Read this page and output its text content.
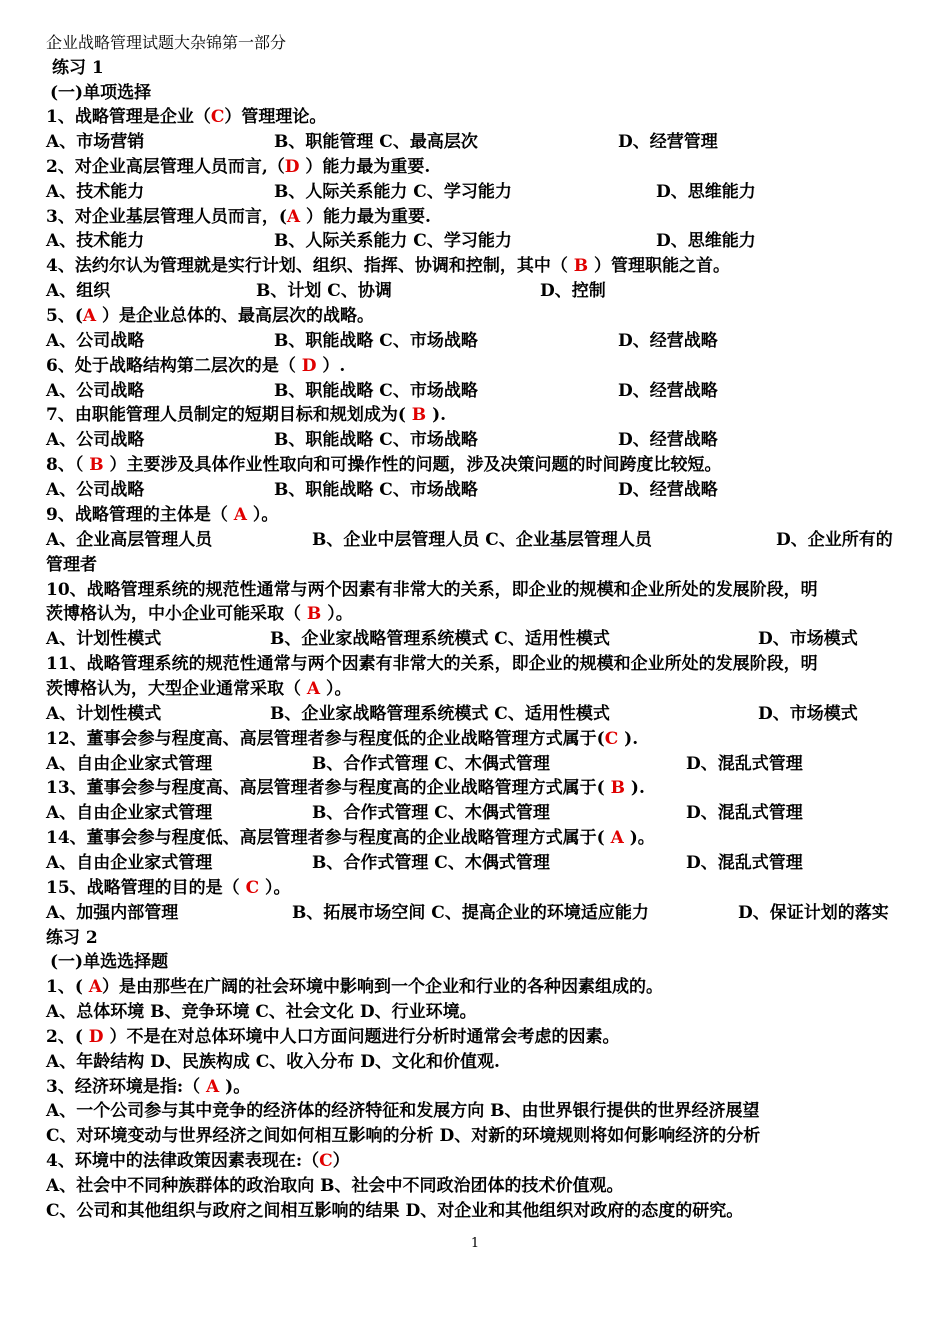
企业战略管理试题大杂锦第一部分
练习 1
(一)单项选择
1、战略管理是企业（C）管理理论。
A、市场营销	B、职能管理 C、最高层次	D、经营管理
2、对企业高层管理人员而言,（D ）能力最为重要.
A、技术能力	B、人际关系能力 C、学习能力	D、思维能力
3、对企业基层管理人员而言，(A ）能力最为重要.
A、技术能力	B、人际关系能力 C、学习能力	D、思维能力
4、法约尔认为管理就是实行计划、组织、指挥、协调和控制，其中（ B ）管理职能之首。
A、组织	B、计划 C、协调	D、控制
5、(A ）是企业总体的、最高层次的战略。
A、公司战略	B、职能战略 C、市场战略	D、经营战略
6、处于战略结构第二层次的是（ D ）.
A、公司战略	B、职能战略 C、市场战略	D、经营战略
7、由职能管理人员制定的短期目标和规划成为( B ).
A、公司战略	B、职能战略 C、市场战略	D、经营战略
8、（ B ）主要涉及具体作业性取向和可操作性的问题，涉及决策问题的时间跨度比较短。
A、公司战略	B、职能战略 C、市场战略	D、经营战略
9、战略管理的主体是（ A ）。
A、企业高层管理人员	B、企业中层管理人员 C、企业基层管理人员	D、企业所有的
管理者
10、战略管理系统的规范性通常与两个因素有非常大的关系，即企业的规模和企业所处的发展阶段，明
茨博格认为，中小企业可能采取（ B ）。
A、计划性模式	B、企业家战略管理系统模式 C、适用性模式	D、市场模式
11、战略管理系统的规范性通常与两个因素有非常大的关系，即企业的规模和企业所处的发展阶段，明
茨博格认为，大型企业通常采取（ A ）。
A、计划性模式	B、企业家战略管理系统模式 C、适用性模式	D、市场模式
12、董事会参与程度高、高层管理者参与程度低的企业战略管理方式属于(C ).
A、自由企业家式管理	B、合作式管理 C、木偶式管理	D、混乱式管理
13、董事会参与程度高、高层管理者参与程度高的企业战略管理方式属于( B ).
A、自由企业家式管理	B、合作式管理 C、木偶式管理	D、混乱式管理
14、董事会参与程度低、高层管理者参与程度高的企业战略管理方式属于( A )。
A、自由企业家式管理	B、合作式管理 C、木偶式管理	D、混乱式管理
15、战略管理的目的是（ C ）。
A、加强内部管理	B、拓展市场空间 C、提高企业的环境适应能力	D、保证计划的落实
练习 2
(一)单选选择题
1、( A）是由那些在广阔的社会环境中影响到一个企业和行业的各种因素组成的。
A、总体环境 B、竞争环境 C、社会文化 D、行业环境。
2、( D ）不是在对总体环境中人口方面问题进行分析时通常会考虑的因素。
A、年龄结构 D、民族构成 C、收入分布 D、文化和价值观.
3、经济环境是指:（ A )。
A、一个公司参与其中竞争的经济体的经济特征和发展方向 B、由世界银行提供的世界经济展望
C、对环境变动与世界经济之间如何相互影响的分析 D、对新的环境规则将如何影响经济的分析
4、环境中的法律政策因素表现在:（C）
A、社会中不同种族群体的政治取向 B、社会中不同政治团体的技术价值观。
C、公司和其他组织与政府之间相互影响的结果 D、对企业和其他组织对政府的态度的研究。
1
